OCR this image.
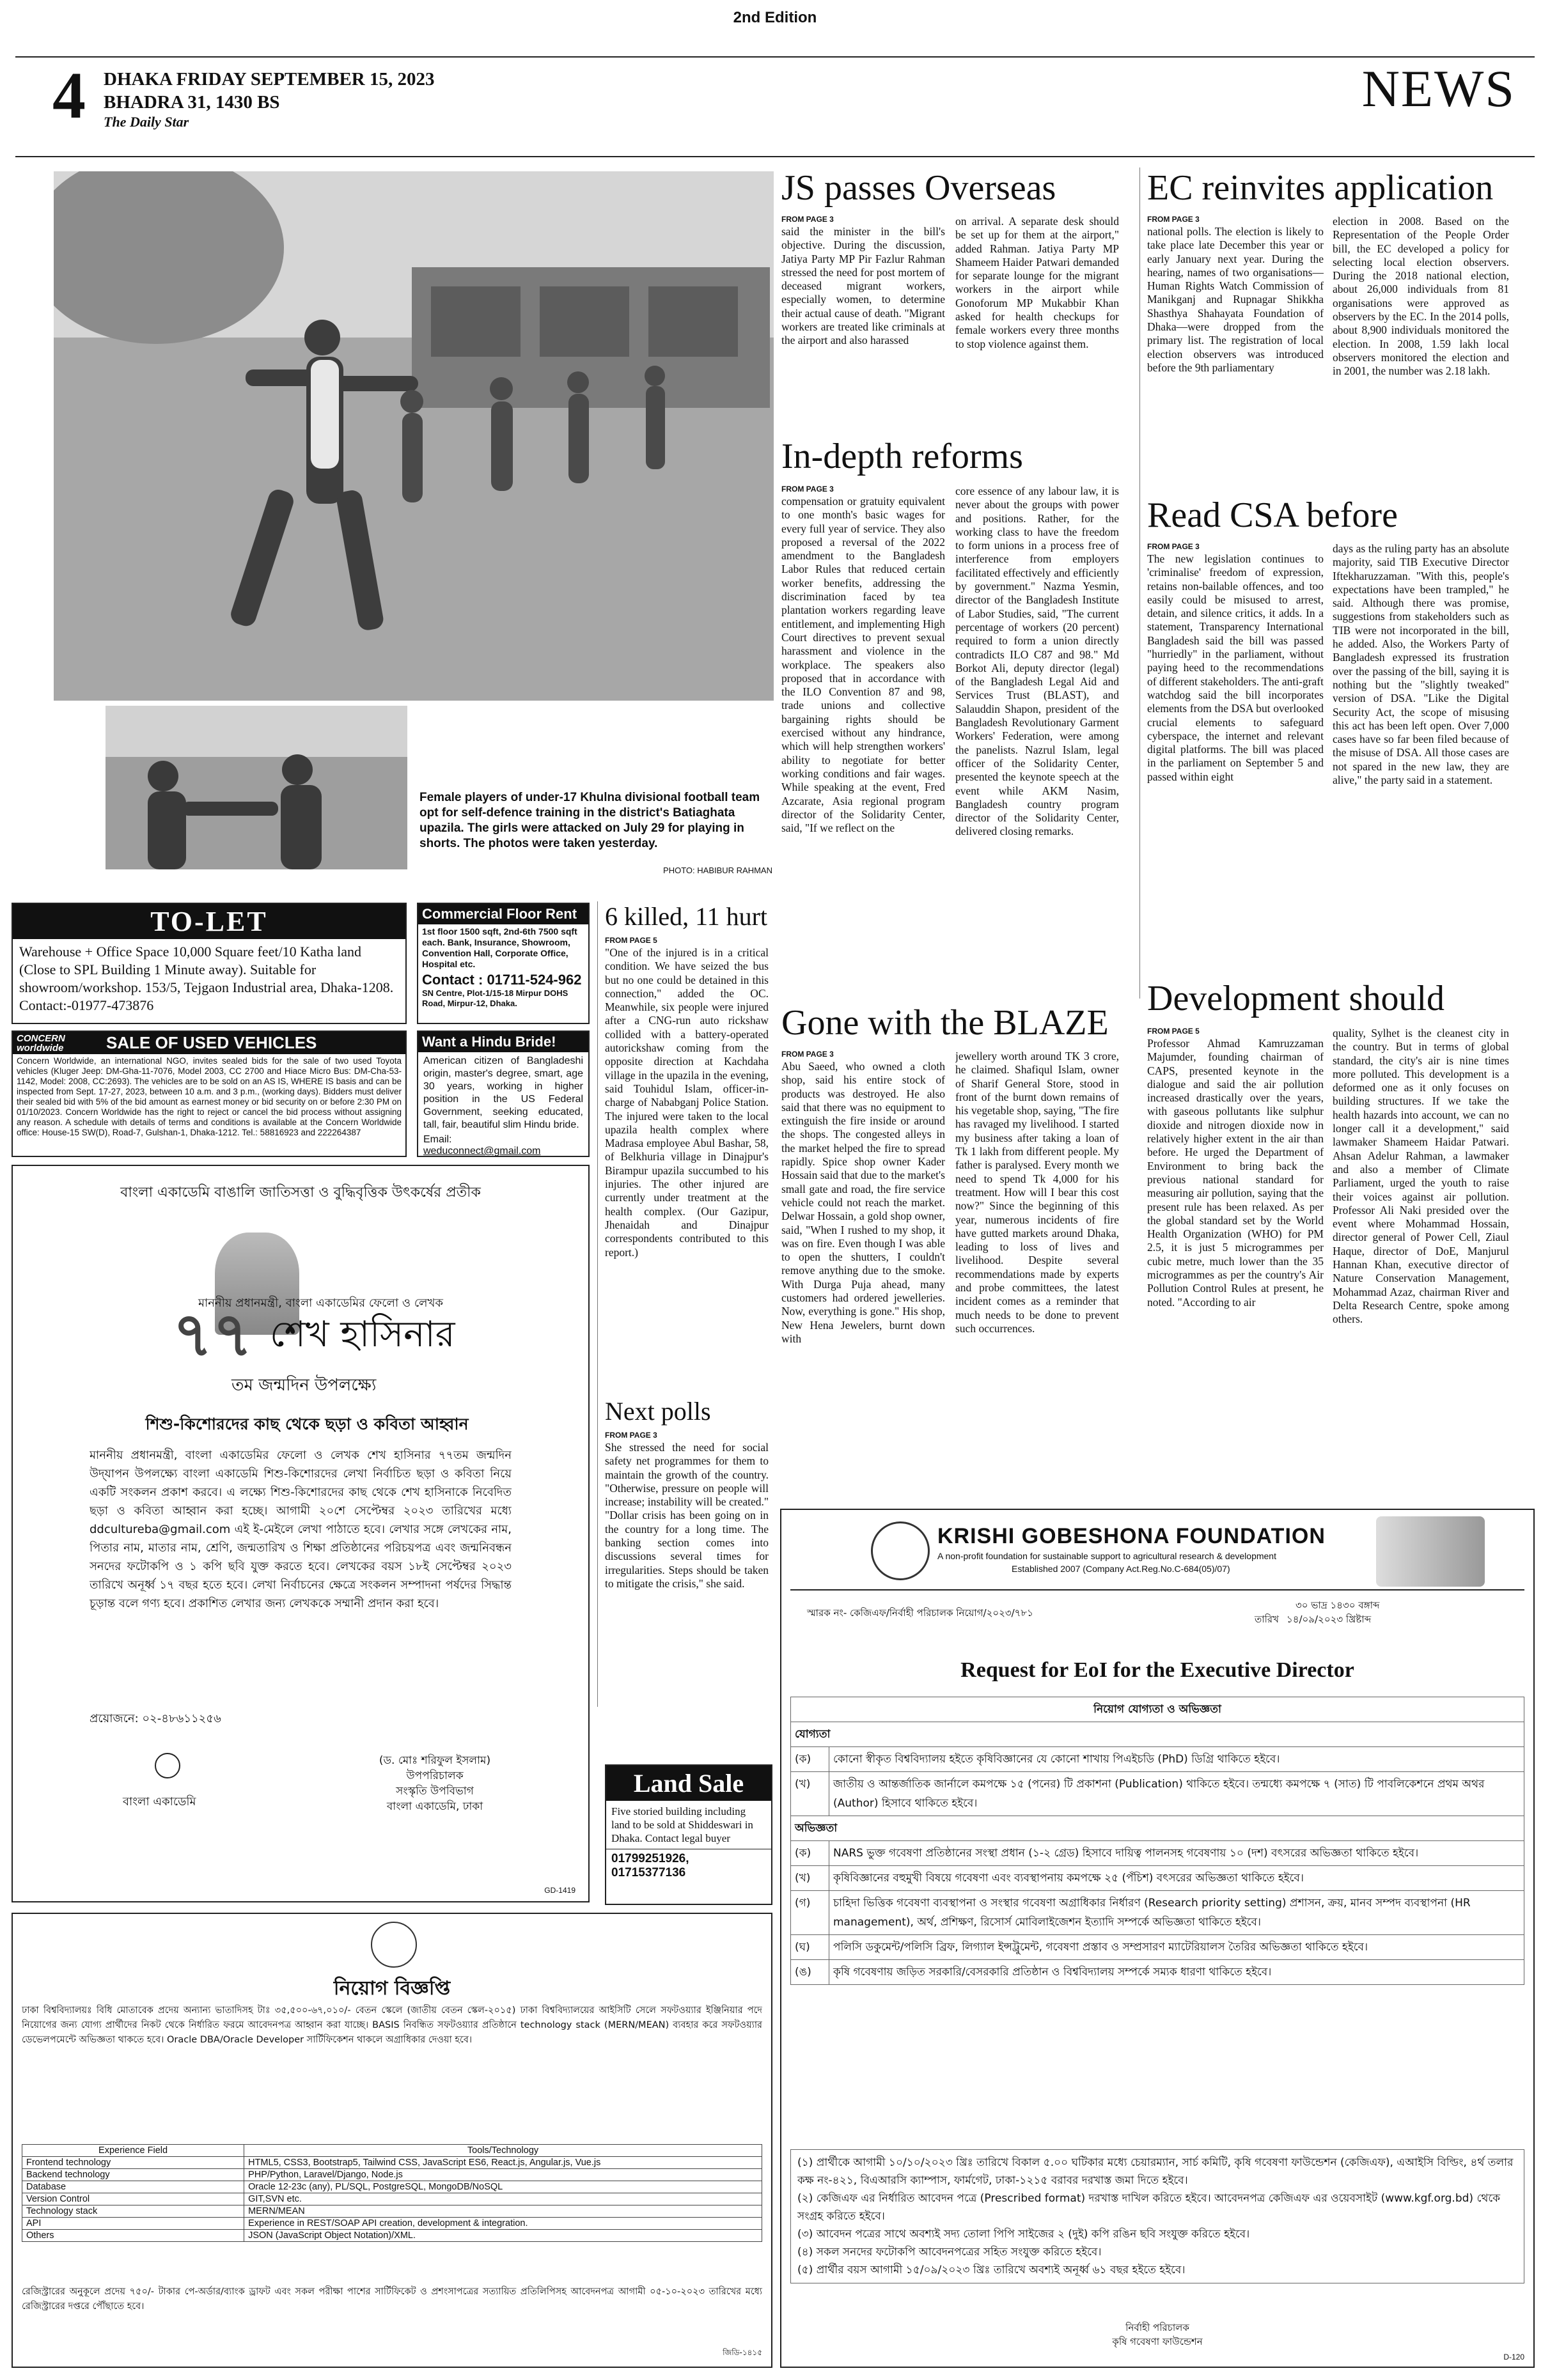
2nd Edition
4 DHAKA FRIDAY SEPTEMBER 15, 2023
BHADRA 31, 1430 BS
The Daily Star
NEWS
Female players of under-17 Khulna divisional football team opt for self-defence training in the district's Batiaghata upazila. The girls were attacked on July 29 for playing in shorts. The photos were taken yesterday.
PHOTO: HABIBUR RAHMAN
JS passes Overseas
FROM PAGE 3

said the minister in the bill's objective. During the discussion, Jatiya Party MP Pir Fazlur Rahman stressed the need for post mortem of deceased migrant workers, especially women, to determine their actual cause of death. "Migrant workers are treated like criminals at the airport and also harassed

on arrival. A separate desk should be set up for them at the airport," added Rahman. Jatiya Party MP Shameem Haider Patwari demanded for separate lounge for the migrant workers in the airport while Gonoforum MP Mukabbir Khan asked for health checkups for female workers every three months to stop violence against them.

EC reinvites application
FROM PAGE 3

national polls. The election is likely to take place late December this year or early January next year. During the hearing, names of two organisations—Human Rights Watch Commission of Manikganj and Rupnagar Shikkha Shasthya Shahayata Foundation of Dhaka—were dropped from the primary list. The registration of local election observers was introduced before the 9th parliamentary

election in 2008. Based on the Representation of the People Order bill, the EC developed a policy for selecting local election observers. During the 2018 national election, about 26,000 individuals from 81 organisations were approved as observers by the EC. In the 2014 polls, about 8,900 individuals monitored the election. In 2008, 1.59 lakh local observers monitored the election and in 2001, the number was 2.18 lakh.

In-depth reforms
FROM PAGE 3

compensation or gratuity equivalent to one month's basic wages for every full year of service. They also proposed a reversal of the 2022 amendment to the Bangladesh Labor Rules that reduced certain worker benefits, addressing the discrimination faced by tea plantation workers regarding leave entitlement, and implementing High Court directives to prevent sexual harassment and violence in the workplace. The speakers also proposed that in accordance with the ILO Convention 87 and 98, trade unions and collective bargaining rights should be exercised without any hindrance, which will help strengthen workers' ability to negotiate for better working conditions and fair wages. While speaking at the event, Fred Azcarate, Asia regional program director of the Solidarity Center, said, "If we reflect on the

core essence of any labour law, it is never about the groups with power and positions. Rather, for the working class to have the freedom to form unions in a process free of interference from employers facilitated effectively and efficiently by government." Nazma Yesmin, director of the Bangladesh Institute of Labor Studies, said, "The current percentage of workers (20 percent) required to form a union directly contradicts ILO C87 and 98." Md Borkot Ali, deputy director (legal) of the Bangladesh Legal Aid and Services Trust (BLAST), and Salauddin Shapon, president of the Bangladesh Revolutionary Garment Workers' Federation, were among the panelists. Nazrul Islam, legal officer of the Solidarity Center, presented the keynote speech at the event while AKM Nasim, Bangladesh country program director of the Solidarity Center, delivered closing remarks.

Read CSA before
FROM PAGE 3

The new legislation continues to 'criminalise' freedom of expression, retains non-bailable offences, and too easily could be misused to arrest, detain, and silence critics, it adds. In a statement, Transparency International Bangladesh said the bill was passed "hurriedly" in the parliament, without paying heed to the recommendations of different stakeholders. The anti-graft watchdog said the bill incorporates elements from the DSA but overlooked crucial elements to safeguard cyberspace, the internet and relevant digital platforms. The bill was placed in the parliament on September 5 and passed within eight

days as the ruling party has an absolute majority, said TIB Executive Director Iftekharuzzaman. "With this, people's expectations have been trampled," he said. Although there was promise, suggestions from stakeholders such as TIB were not incorporated in the bill, he added. Also, the Workers Party of Bangladesh expressed its frustration over the passing of the bill, saying it is nothing but the "slightly tweaked" version of DSA. "Like the Digital Security Act, the scope of misusing this act has been left open. Over 7,000 cases have so far been filed because of the misuse of DSA. All those cases are not spared in the new law, they are alive," the party said in a statement.

Development should
FROM PAGE 5

Professor Ahmad Kamruzzaman Majumder, founding chairman of CAPS, presented keynote in the dialogue and said the air pollution increased drastically over the years, with gaseous pollutants like sulphur dioxide and nitrogen dioxide now in relatively higher extent in the air than before. He urged the Department of Environment to bring back the previous national standard for measuring air pollution, saying that the present rule has been relaxed. As per the global standard set by the World Health Organization (WHO) for PM 2.5, it is just 5 microgrammes per cubic metre, much lower than the 35 microgrammes as per the country's Air Pollution Control Rules at present, he noted. "According to air

quality, Sylhet is the cleanest city in the country. But in terms of global standard, the city's air is nine times more polluted. This development is a deformed one as it only focuses on building structures. If we take the health hazards into account, we can no longer call it a development," said lawmaker Shameem Haidar Patwari. Ahsan Adelur Rahman, a lawmaker and also a member of Climate Parliament, urged the youth to raise their voices against air pollution. Professor Ali Naki presided over the event where Mohammad Hossain, director general of Power Cell, Ziaul Haque, director of DoE, Manjurul Hannan Khan, executive director of Nature Conservation Management, Mohammad Azaz, chairman River and Delta Research Centre, spoke among others.

Gone with the BLAZE
FROM PAGE 3

Abu Saeed, who owned a cloth shop, said his entire stock of products was destroyed. He also said that there was no equipment to extinguish the fire inside or around the shops. The congested alleys in the market helped the fire to spread rapidly. Spice shop owner Kader Hossain said that due to the market's small gate and road, the fire service vehicle could not reach the market. Delwar Hossain, a gold shop owner, said, "When I rushed to my shop, it was on fire. Even though I was able to open the shutters, I couldn't remove anything due to the smoke. With Durga Puja ahead, many customers had ordered jewelleries. Now, everything is gone." His shop, New Hena Jewelers, burnt down with

jewellery worth around TK 3 crore, he claimed. Shafiqul Islam, owner of Sharif General Store, stood in front of the burnt down remains of his vegetable shop, saying, "The fire has ravaged my livelihood. I started my business after taking a loan of Tk 1 lakh from different people. My father is paralysed. Every month we need to spend Tk 4,000 for his treatment. How will I bear this cost now?" Since the beginning of this year, numerous incidents of fire have gutted markets around Dhaka, leading to loss of lives and livelihood. Despite several recommendations made by experts and probe committees, the latest incident comes as a reminder that much needs to be done to prevent such occurrences.

6 killed, 11 hurt
FROM PAGE 5

"One of the injured is in a critical condition. We have seized the bus but no one could be detained in this connection," added the OC. Meanwhile, six people were injured after a CNG-run auto rickshaw collided with a battery-operated autorickshaw coming from the opposite direction at Kachdaha village in the upazila in the evening, said Touhidul Islam, officer-in-charge of Nababganj Police Station. The injured were taken to the local upazila health complex where Madrasa employee Abul Bashar, 58, of Belkhuria village in Dinajpur's Birampur upazila succumbed to his injuries. The other injured are currently under treatment at the health complex. (Our Gazipur, Jhenaidah and Dinajpur correspondents contributed to this report.)

Next polls
FROM PAGE 3

She stressed the need for social safety net programmes for them to maintain the growth of the country. "Otherwise, pressure on people will increase; instability will be created." "Dollar crisis has been going on in the country for a long time. The banking section comes into discussions several times for irregularities. Steps should be taken to mitigate the crisis," she said.

Land Sale
Five storied building including land to be sold at Shiddeswari in Dhaka. Contact legal buyer
01799251926, 01715377136
TO-LET
Warehouse + Office Space 10,000 Square feet/10 Katha land (Close to SPL Building 1 Minute away). Suitable for showroom/workshop. 153/5, Tejgaon Industrial area, Dhaka-1208. Contact:-01977-473876
Commercial Floor Rent
1st floor 1500 sqft, 2nd-6th 7500 sqft each. Bank, Insurance, Showroom, Convention Hall, Corporate Office, Hospital etc.
Contact : 01711-524-962
SN Centre, Plot-1/15-18 Mirpur DOHS Road, Mirpur-12, Dhaka.
CONCERN worldwide	SALE OF USED VEHICLES
Concern Worldwide, an international NGO, invites sealed bids for the sale of two used Toyota vehicles (Kluger Jeep: DM-Gha-11-7076, Model 2003, CC 2700 and Hiace Micro Bus: DM-Cha-53-1142, Model: 2008, CC:2693). The vehicles are to be sold on an AS IS, WHERE IS basis and can be inspected from Sept. 17-27, 2023, between 10 a.m. and 3 p.m., (working days). Bidders must deliver their sealed bid with 5% of the bid amount as earnest money or bid security on or before 2:30 PM on 01/10/2023. Concern Worldwide has the right to reject or cancel the bid process without assigning any reason. A schedule with details of terms and conditions is available at the Concern Worldwide office: House-15 SW(D), Road-7, Gulshan-1, Dhaka-1212. Tel.: 58816923 and 222264387
Want a Hindu Bride!
American citizen of Bangladeshi origin, master's degree, smart, age 30 years, working in higher position in the US Federal Government, seeking educated, tall, fair, beautiful slim Hindu bride.
Email:
weduconnect@gmail.com
বাংলা একাডেমি বাঙালি জাতিসত্তা ও বুদ্ধিবৃত্তিক উৎকর্ষের প্রতীক
মাননীয় প্রধানমন্ত্রী, বাংলা একাডেমির ফেলো ও লেখক
৭৭ শেখ হাসিনার
তম জন্মদিন উপলক্ষ্যে
শিশু-কিশোরদের কাছ থেকে ছড়া ও কবিতা আহ্বান
মাননীয় প্রধানমন্ত্রী, বাংলা একাডেমির ফেলো ও লেখক শেখ হাসিনার ৭৭তম জন্মদিন উদ্‌যাপন উপলক্ষ্যে বাংলা একাডেমি শিশু-কিশোরদের লেখা নির্বাচিত ছড়া ও কবিতা নিয়ে একটি সংকলন প্রকাশ করবে। এ লক্ষ্যে শিশু-কিশোরদের কাছ থেকে শেখ হাসিনাকে নিবেদিত ছড়া ও কবিতা আহ্বান করা হচ্ছে। আগামী ২০শে সেপ্টেম্বর ২০২৩ তারিখের মধ্যে ddcultureba@gmail.com এই ই-মেইলে লেখা পাঠাতে হবে। লেখার সঙ্গে লেখকের নাম, পিতার নাম, মাতার নাম, শ্রেণি, জন্মতারিখ ও শিক্ষা প্রতিষ্ঠানের পরিচয়পত্র এবং জন্মনিবন্ধন সনদের ফটোকপি ও ১ কপি ছবি যুক্ত করতে হবে। লেখকের বয়স ১৮ই সেপ্টেম্বর ২০২৩ তারিখে অনূর্ধ্ব ১৭ বছর হতে হবে। লেখা নির্বাচনের ক্ষেত্রে সংকলন সম্পাদনা পর্ষদের সিদ্ধান্ত চূড়ান্ত বলে গণ্য হবে। প্রকাশিত লেখার জন্য লেখককে সম্মানী প্রদান করা হবে।
প্রয়োজনে: ০২-৪৮৬১১২৫৬
বাংলা একাডেমি
(ড. মোঃ শরিফুল ইসলাম)
উপপরিচালক
সংস্কৃতি উপবিভাগ
বাংলা একাডেমি, ঢাকা
GD-1419
নিয়োগ বিজ্ঞপ্তি
ঢাকা বিশ্ববিদ্যালয়ঃ বিধি মোতাবেক প্রদেয় অন্যান্য ভাতাদিসহ টাঃ ৩৫,৫০০-৬৭,০১০/- বেতন স্কেলে (জাতীয় বেতন স্কেল-২০১৫) ঢাকা বিশ্ববিদ্যালয়ের আইসিটি সেলে সফটওয়্যার ইঞ্জিনিয়ার পদে নিয়োগের জন্য যোগ্য প্রার্থীদের নিকট থেকে নির্ধারিত ফরমে আবেদনপত্র আহ্বান করা যাচ্ছে। BASIS নিবন্ধিত সফটওয়্যার প্রতিষ্ঠানে technology stack (MERN/MEAN) ব্যবহার করে সফটওয়্যার ডেভেলপমেন্টে অভিজ্ঞতা থাকতে হবে। Oracle DBA/Oracle Developer সার্টিফিকেশন থাকলে অগ্রাধিকার দেওয়া হবে।
Experience Field	Tools/Technology
Frontend technology	HTML5, CSS3, Bootstrap5, Tailwind CSS, JavaScript ES6, React.js, Angular.js, Vue.js
Backend technology	PHP/Python, Laravel/Django, Node.js
Database	Oracle 12-23c (any), PL/SQL, PostgreSQL, MongoDB/NoSQL
Version Control	GIT,SVN etc.
Technology stack	MERN/MEAN
API	Experience in REST/SOAP API creation, development & integration.
Others	JSON (JavaScript Object Notation)/XML.
রেজিস্ট্রারের অনুকূলে প্রদেয় ৭৫০/- টাকার পে-অর্ডার/ব্যাংক ড্রাফট এবং সকল পরীক্ষা পাশের সার্টিফিকেট ও প্রশংসাপত্রের সত্যায়িত প্রতিলিপিসহ আবেদনপত্র আগামী ০৫-১০-২০২৩ তারিখের মধ্যে রেজিস্ট্রারের দপ্তরে পৌঁছাতে হবে।
জিডি-১৪১৫
KRISHI GOBESHONA FOUNDATION
A non-profit foundation for sustainable support to agricultural research & development
Established 2007 (Company Act.Reg.No.C-684(05)/07)
স্মারক নং- কেজিএফ/নির্বাহী পরিচালক নিয়োগ/২০২৩/৭৮১
৩০ ভাদ্র ১৪৩০ বঙ্গাব্দ
তারিখ ১৪/০৯/২০২৩ খ্রিষ্টাব্দ
Request for EoI for the Executive Director
নিয়োগ যোগ্যতা ও অভিজ্ঞতা	
যোগ্যতা	
(ক)	কোনো স্বীকৃত বিশ্ববিদ্যালয় হইতে কৃষিবিজ্ঞানের যে কোনো শাখায় পিএইচডি (PhD) ডিগ্রি থাকিতে হইবে।
(খ)	জাতীয় ও আন্তর্জাতিক জার্নালে কমপক্ষে ১৫ (পনের) টি প্রকাশনা (Publication) থাকিতে হইবে। তন্মধ্যে কমপক্ষে ৭ (সাত) টি পাবলিকেশনে প্রথম অথর (Author) হিসাবে থাকিতে হইবে।
অভিজ্ঞতা	
(ক)	NARS ভুক্ত গবেষণা প্রতিষ্ঠানের সংস্থা প্রধান (১-২ গ্রেড) হিসাবে দায়িত্ব পালনসহ গবেষণায় ১০ (দশ) বৎসরের অভিজ্ঞতা থাকিতে হইবে।
(খ)	কৃষিবিজ্ঞানের বহুমুখী বিষয়ে গবেষণা এবং ব্যবস্থাপনায় কমপক্ষে ২৫ (পঁচিশ) বৎসরের অভিজ্ঞতা থাকিতে হইবে।
(গ)	চাহিদা ভিত্তিক গবেষণা ব্যবস্থাপনা ও সংস্থার গবেষণা অগ্রাধিকার নির্ধারণ (Research priority setting) প্রশাসন, ক্রয়, মানব সম্পদ ব্যবস্থাপনা (HR management), অর্থ, প্রশিক্ষণ, রিসোর্স মোবিলাইজেশন ইত্যাদি সম্পর্কে অভিজ্ঞতা থাকিতে হইবে।
(ঘ)	পলিসি ডকুমেন্ট/পলিসি ব্রিফ, লিগ্যাল ইন্সট্রুমেন্ট, গবেষণা প্রস্তাব ও সম্প্রসারণ ম্যাটেরিয়ালস তৈরির অভিজ্ঞতা থাকিতে হইবে।
(ঙ)	কৃষি গবেষণায় জড়িত সরকারি/বেসরকারি প্রতিষ্ঠান ও বিশ্ববিদ্যালয় সম্পর্কে সম্যক ধারণা থাকিতে হইবে।
(১) প্রার্থীকে আগামী ১০/১০/২০২৩ খ্রিঃ তারিখে বিকাল ৫.০০ ঘটিকার মধ্যে চেয়ারম্যান, সার্চ কমিটি, কৃষি গবেষণা ফাউন্ডেশন (কেজিএফ), এআইসি বিল্ডিং, ৪র্থ তলার কক্ষ নং-৪২১, বিএআরসি ক্যাম্পাস, ফার্মগেট, ঢাকা-১২১৫ বরাবর দরখাস্ত জমা দিতে হইবে।
(২) কেজিএফ এর নির্ধারিত আবেদন পত্রে (Prescribed format) দরখাস্ত দাখিল করিতে হইবে। আবেদনপত্র কেজিএফ এর ওয়েবসাইট (www.kgf.org.bd) থেকে সংগ্রহ করিতে হইবে।
(৩) আবেদন পত্রের সাথে অবশ্যই সদ্য তোলা পিপি সাইজের ২ (দুই) কপি রঙিন ছবি সংযুক্ত করিতে হইবে।
(৪) সকল সনদের ফটোকপি আবেদনপত্রের সহিত সংযুক্ত করিতে হইবে।
(৫) প্রার্থীর বয়স আগামী ১৫/০৯/২০২৩ খ্রিঃ তারিখে অবশ্যই অনূর্ধ্ব ৬১ বছর হইতে হইবে।
নির্বাহী পরিচালক
কৃষি গবেষণা ফাউন্ডেশন
D-120
